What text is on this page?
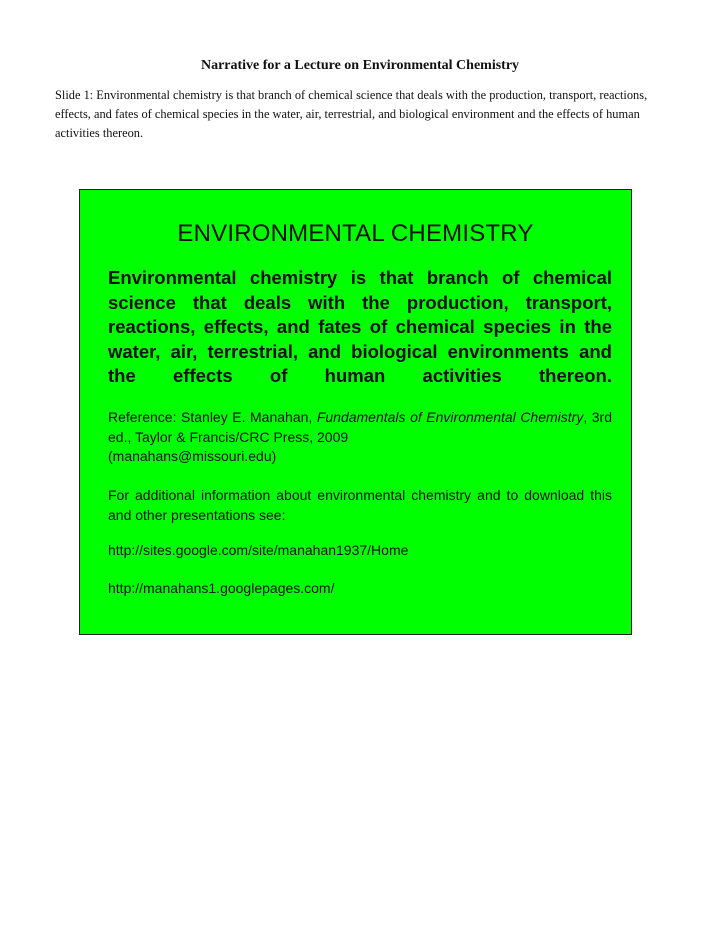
Narrative for a Lecture on Environmental Chemistry
Slide 1: Environmental chemistry is that branch of chemical science that deals with the production, transport, reactions, effects, and fates of chemical species in the water, air, terrestrial, and biological environment and the effects of human activities thereon.
ENVIRONMENTAL CHEMISTRY
Environmental chemistry is that branch of chemical science that deals with the production, transport, reactions, effects, and fates of chemical species in the water, air, terrestrial, and biological environments and the effects of human activities thereon.
Reference: Stanley E. Manahan, Fundamentals of Environmental Chemistry, 3rd ed., Taylor & Francis/CRC Press, 2009
(manahans@missouri.edu)
For additional information about environmental chemistry and to download this and other presentations see:
http://sites.google.com/site/manahan1937/Home
http://manahans1.googlepages.com/
